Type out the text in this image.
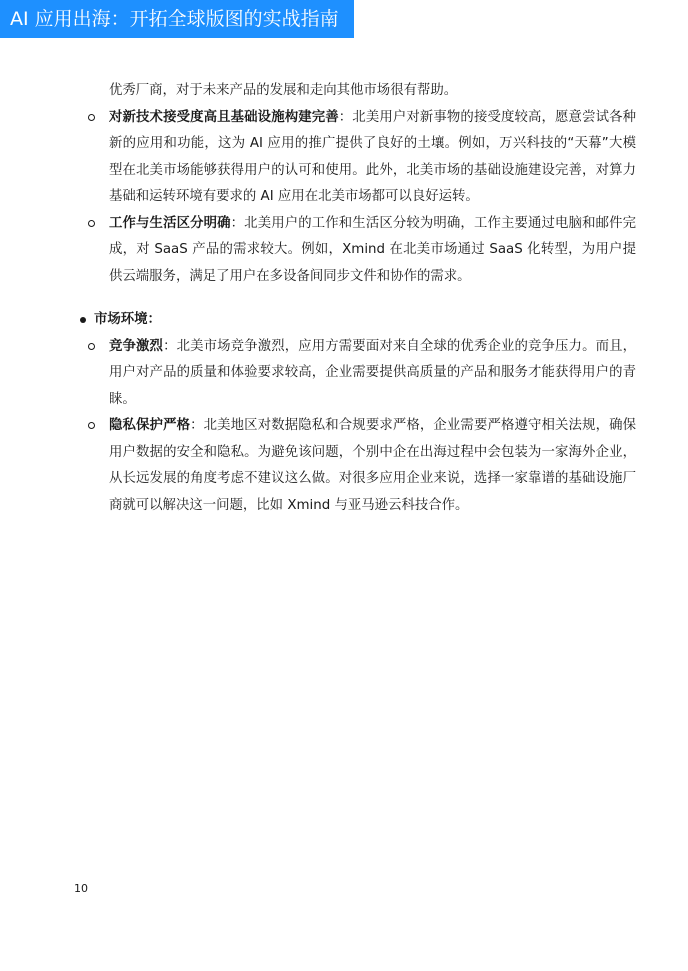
AI 应用出海：开拓全球版图的实战指南
优秀厂商，对于未来产品的发展和走向其他市场很有帮助。
对新技术接受度高且基础设施构建完善：北美用户对新事物的接受度较高，愿意尝试各种新的应用和功能，这为 AI 应用的推广提供了良好的土壤。例如，万兴科技的“天幕”大模型在北美市场能够获得用户的认可和使用。此外，北美市场的基础设施建设完善，对算力基础和运转环境有要求的 AI 应用在北美市场都可以良好运转。
工作与生活区分明确：北美用户的工作和生活区分较为明确，工作主要通过电脑和邮件完成，对 SaaS 产品的需求较大。例如，Xmind 在北美市场通过 SaaS 化转型，为用户提供云端服务，满足了用户在多设备间同步文件和协作的需求。
市场环境：
竞争激烈：北美市场竞争激烈，应用方需要面对来自全球的优秀企业的竞争压力。而且，用户对产品的质量和体验要求较高，企业需要提供高质量的产品和服务才能获得用户的青睐。
隐私保护严格：北美地区对数据隐私和合规要求严格，企业需要严格遵守相关法规，确保用户数据的安全和隐私。为避免该问题，个别中企在出海过程中会包装为一家海外企业，从长远发展的角度考虑不建议这么做。对很多应用企业来说，选择一家靠谱的基础设施厂商就可以解决这一问题，比如 Xmind 与亚马逊云科技合作。
10
